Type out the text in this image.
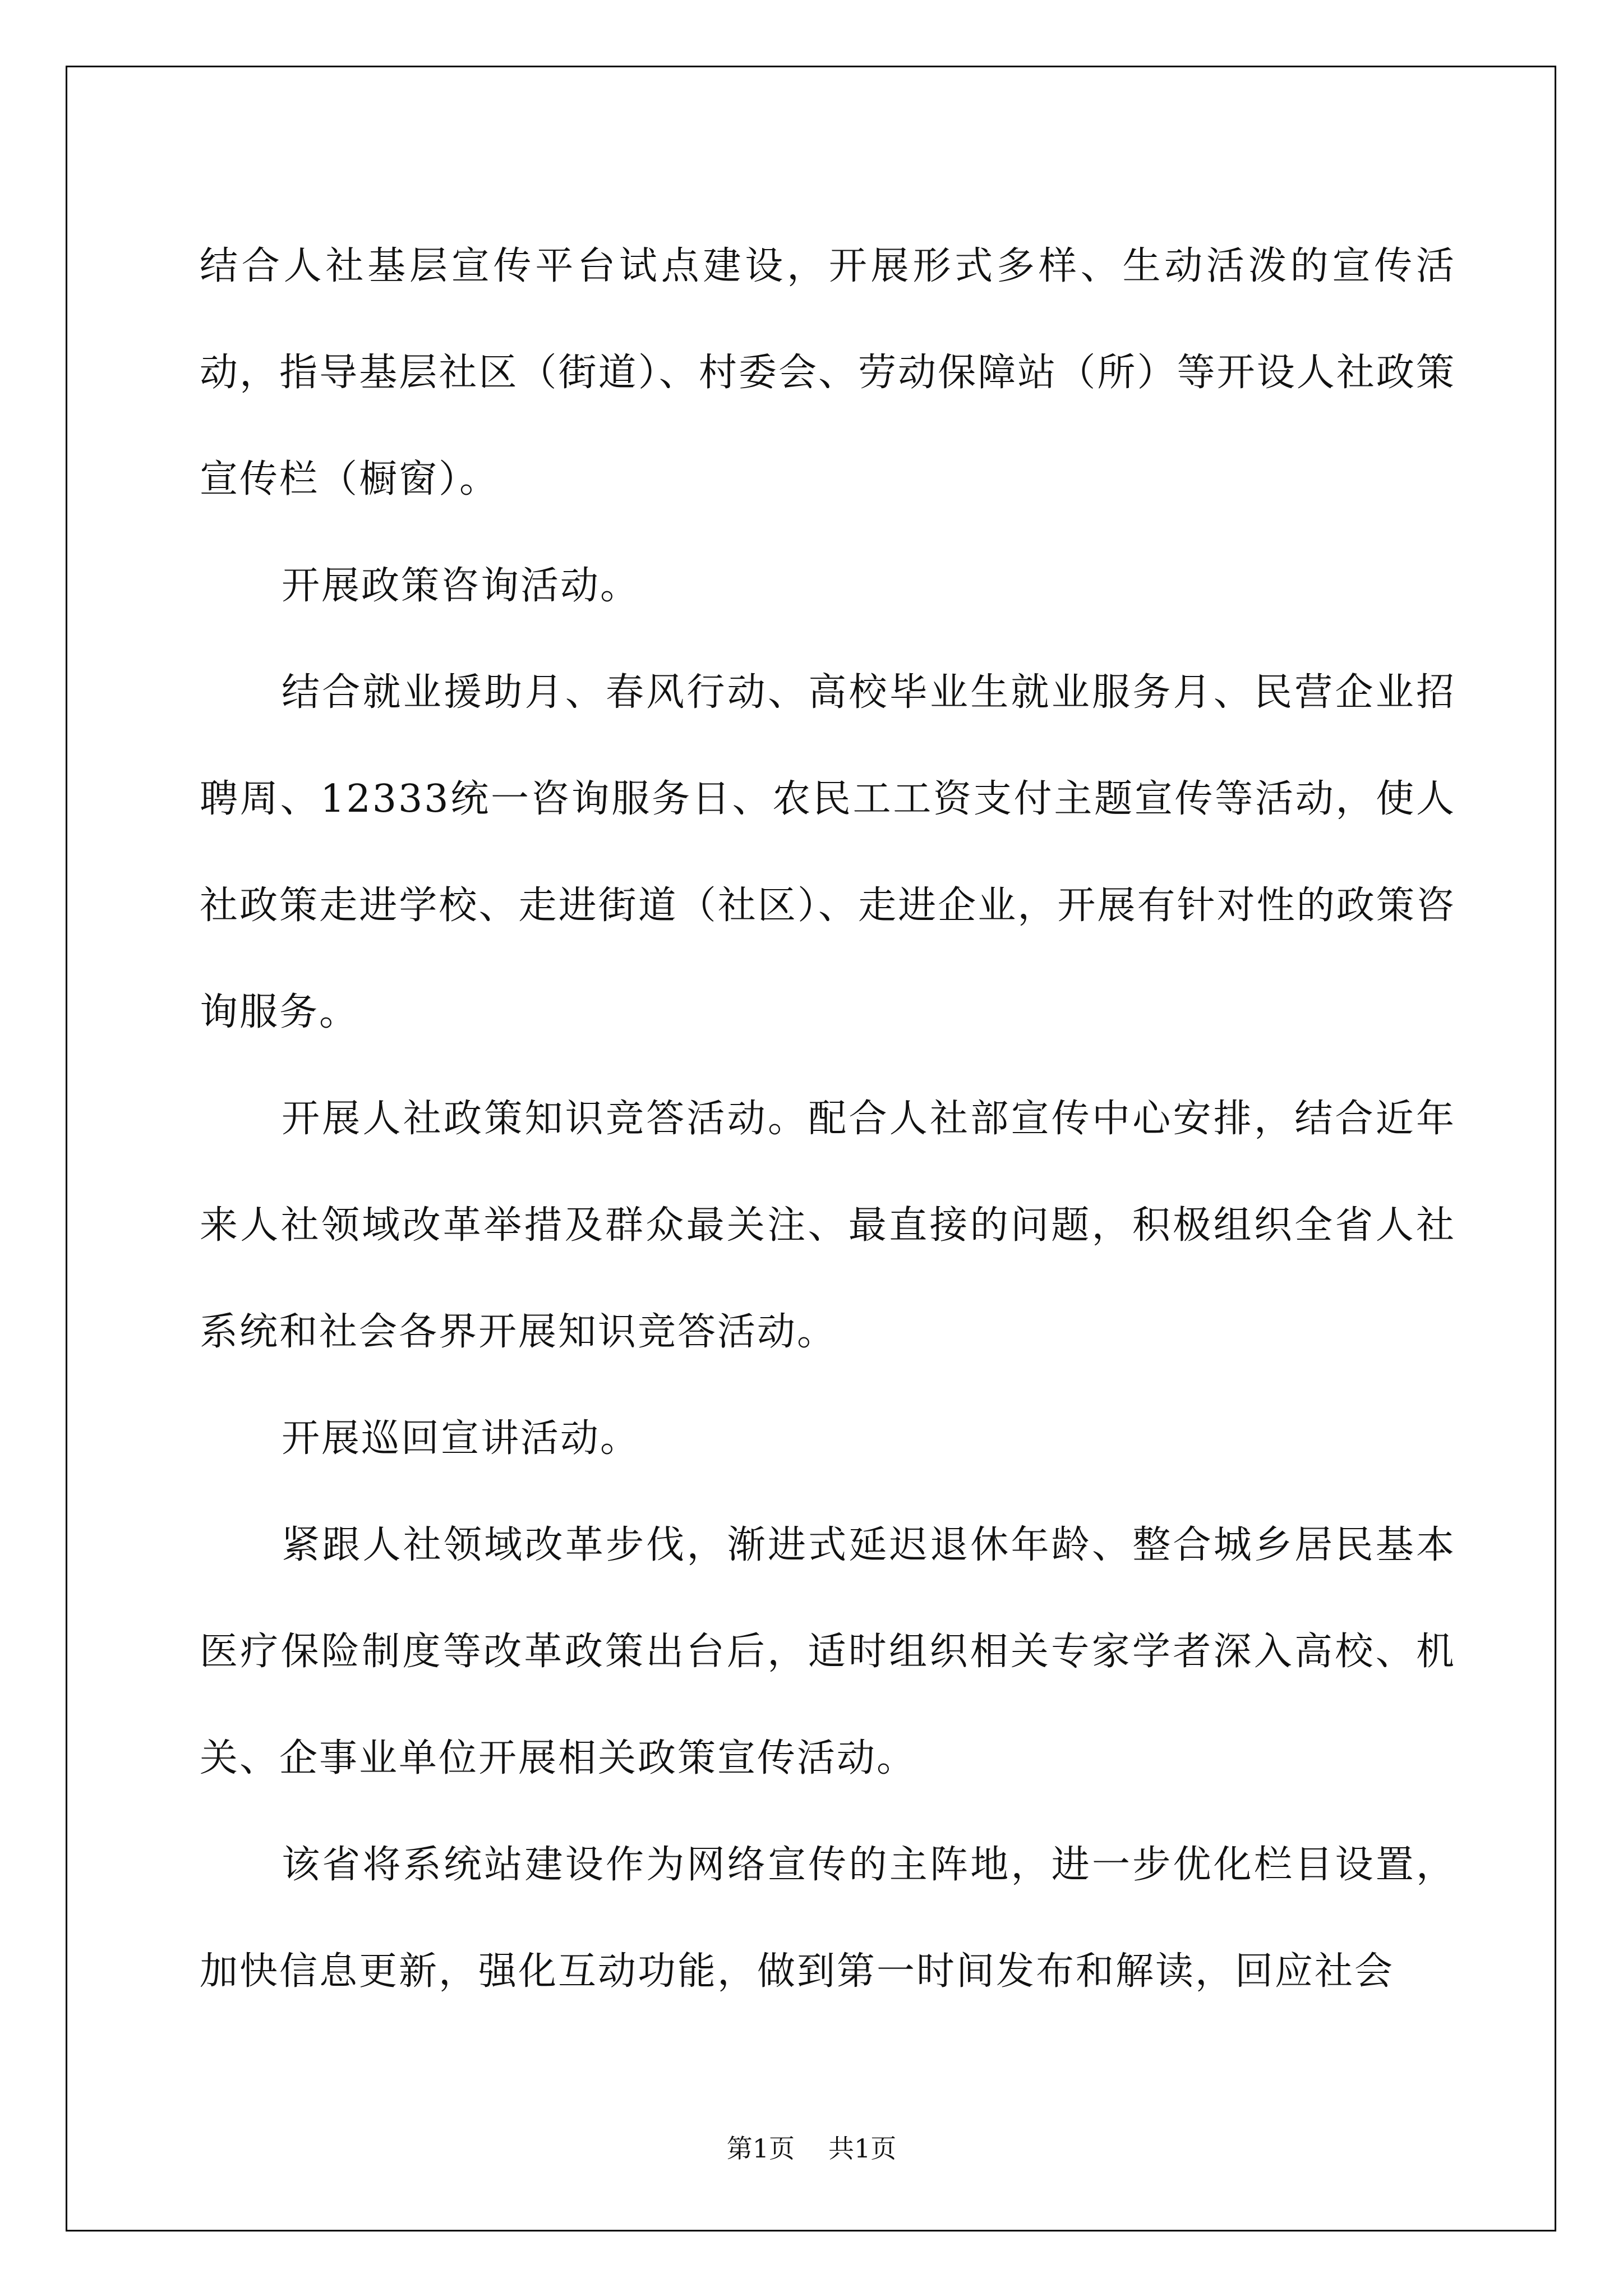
结合人社基层宣传平台试点建设，开展形式多样、生动活泼的宣传活动，指导基层社区（街道）、村委会、劳动保障站（所）等开设人社政策宣传栏（橱窗）。

开展政策咨询活动。

结合就业援助月、春风行动、高校毕业生就业服务月、民营企业招聘周、12333统一咨询服务日、农民工工资支付主题宣传等活动，使人社政策走进学校、走进街道（社区）、走进企业，开展有针对性的政策咨询服务。

开展人社政策知识竞答活动。配合人社部宣传中心安排，结合近年来人社领域改革举措及群众最关注、最直接的问题，积极组织全省人社系统和社会各界开展知识竞答活动。

开展巡回宣讲活动。

紧跟人社领域改革步伐，渐进式延迟退休年龄、整合城乡居民基本医疗保险制度等改革政策出台后，适时组织相关专家学者深入高校、机关、企事业单位开展相关政策宣传活动。

该省将系统站建设作为网络宣传的主阵地，进一步优化栏目设置，加快信息更新，强化互动功能，做到第一时间发布和解读，回应社会

第1页 共1页
